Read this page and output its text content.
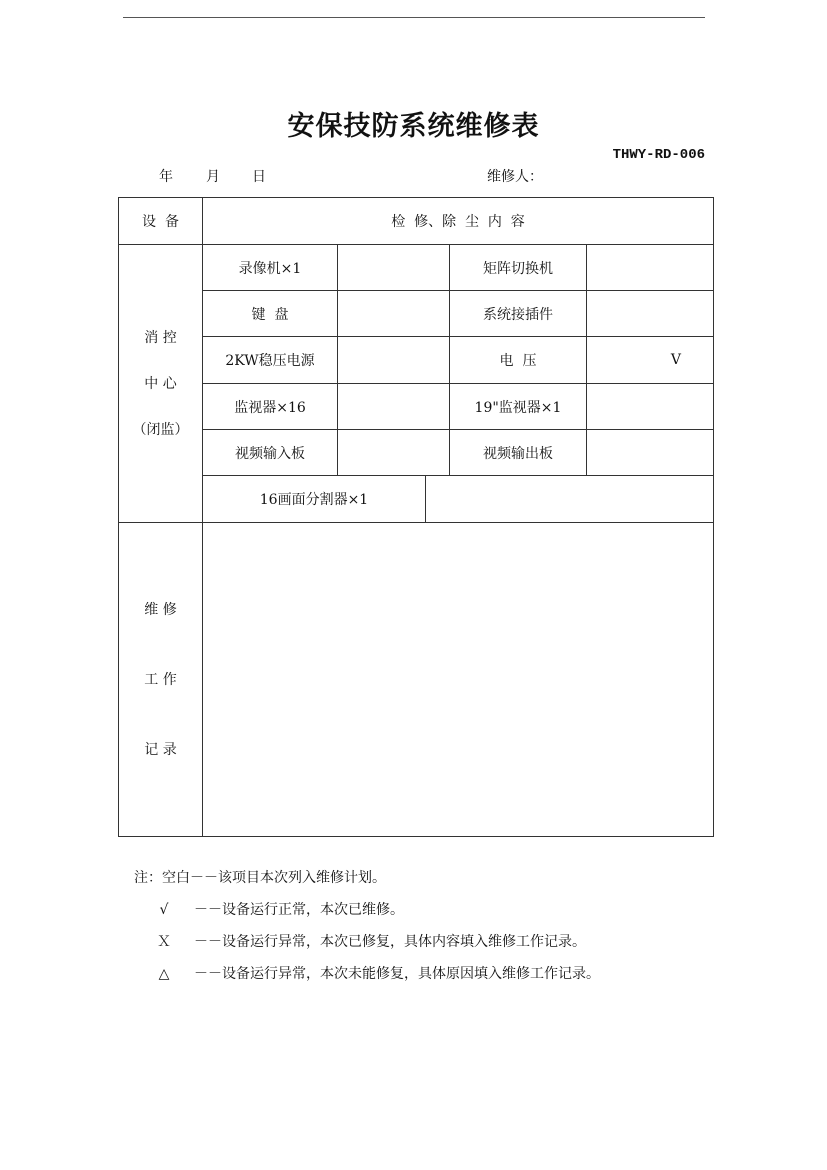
安保技防系统维修表
THWY-RD-006
年 月 日	维修人：
设  备	检  修、除  尘  内  容				

消 控
中 心
（闭监）	录像机×1			矩阵切换机	
	键  盘			系统接插件	
	2KW稳压电源			电  压	V

	监视器×16			19"监视器×1	
	视频输入板			视频输出板	
	16画面分割器×1				

维 修
工 作
记 录					

注：空白－－该项目本次列入维修计划。
√	－－设备运行正常，本次已维修。
Ｘ	－－设备运行异常，本次已修复，具体内容填入维修工作记录。
△	－－设备运行异常，本次未能修复，具体原因填入维修工作记录。
